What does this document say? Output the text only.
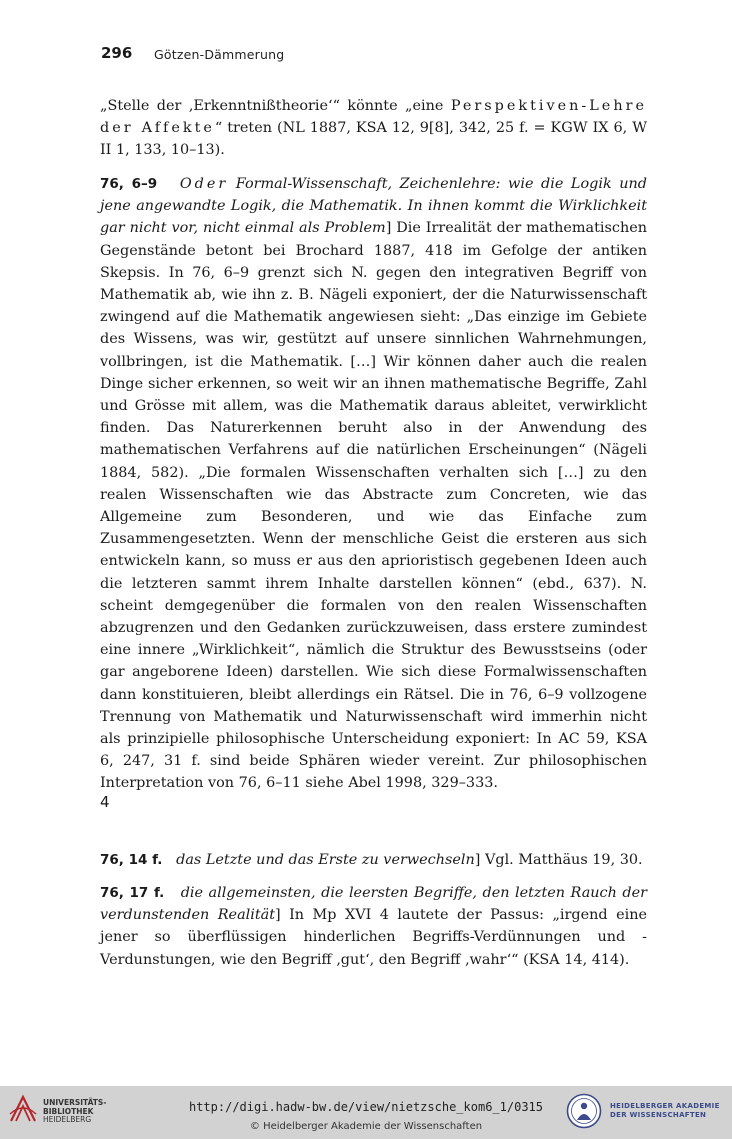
296 Götzen-Dämmerung

„Stelle der ‚Erkenntnißtheorie‘“ könnte „eine Perspektiven-Lehre der Affekte“ treten (NL 1887, KSA 12, 9[8], 342, 25 f. = KGW IX 6, W II 1, 133, 10–13).

76, 6–9 Oder Formal-Wissenschaft, Zeichenlehre: wie die Logik und jene angewandte Logik, die Mathematik. In ihnen kommt die Wirklichkeit gar nicht vor, nicht einmal als Problem] Die Irrealität der mathematischen Gegenstände betont bei Brochard 1887, 418 im Gefolge der antiken Skepsis. In 76, 6–9 grenzt sich N. gegen den integrativen Begriff von Mathematik ab, wie ihn z. B. Nägeli exponiert, der die Naturwissenschaft zwingend auf die Mathematik angewiesen sieht: „Das einzige im Gebiete des Wissens, was wir, gestützt auf unsere sinnlichen Wahrnehmungen, vollbringen, ist die Mathematik. […] Wir können daher auch die realen Dinge sicher erkennen, so weit wir an ihnen mathematische Begriffe, Zahl und Grösse mit allem, was die Mathematik daraus ableitet, verwirklicht finden. Das Naturerkennen beruht also in der Anwendung des mathematischen Verfahrens auf die natürlichen Erscheinungen“ (Nägeli 1884, 582). „Die formalen Wissenschaften verhalten sich […] zu den realen Wissenschaften wie das Abstracte zum Concreten, wie das Allgemeine zum Besonderen, und wie das Einfache zum Zusammengesetzten. Wenn der menschliche Geist die ersteren aus sich entwickeln kann, so muss er aus den aprioristisch gegebenen Ideen auch die letzteren sammt ihrem Inhalte darstellen können“ (ebd., 637). N. scheint demgegenüber die formalen von den realen Wissenschaften abzugrenzen und den Gedanken zurückzuweisen, dass erstere zumindest eine innere „Wirklichkeit“, nämlich die Struktur des Bewusstseins (oder gar angeborene Ideen) darstellen. Wie sich diese Formalwissenschaften dann konstituieren, bleibt allerdings ein Rätsel. Die in 76, 6–9 vollzogene Trennung von Mathematik und Naturwissenschaft wird immerhin nicht als prinzipielle philosophische Unterscheidung exponiert: In AC 59, KSA 6, 247, 31 f. sind beide Sphären wieder vereint. Zur philosophischen Interpretation von 76, 6–11 siehe Abel 1998, 329–333.

4

76, 14 f. das Letzte und das Erste zu verwechseln] Vgl. Matthäus 19, 30.

76, 17 f. die allgemeinsten, die leersten Begriffe, den letzten Rauch der verdunstenden Realität] In Mp XVI 4 lautete der Passus: „irgend eine jener so überflüssigen hinderlichen Begriffs-Verdünnungen und -Verdunstungen, wie den Begriff ‚gut‘, den Begriff ‚wahr‘“ (KSA 14, 414).

UNIVERSITÄTS-
BIBLIOTHEK
HEIDELBERG
http://digi.hadw-bw.de/view/nietzsche_kom6_1/0315
© Heidelberger Akademie der Wissenschaften
HEIDELBERGER AKADEMIE
DER WISSENSCHAFTEN
